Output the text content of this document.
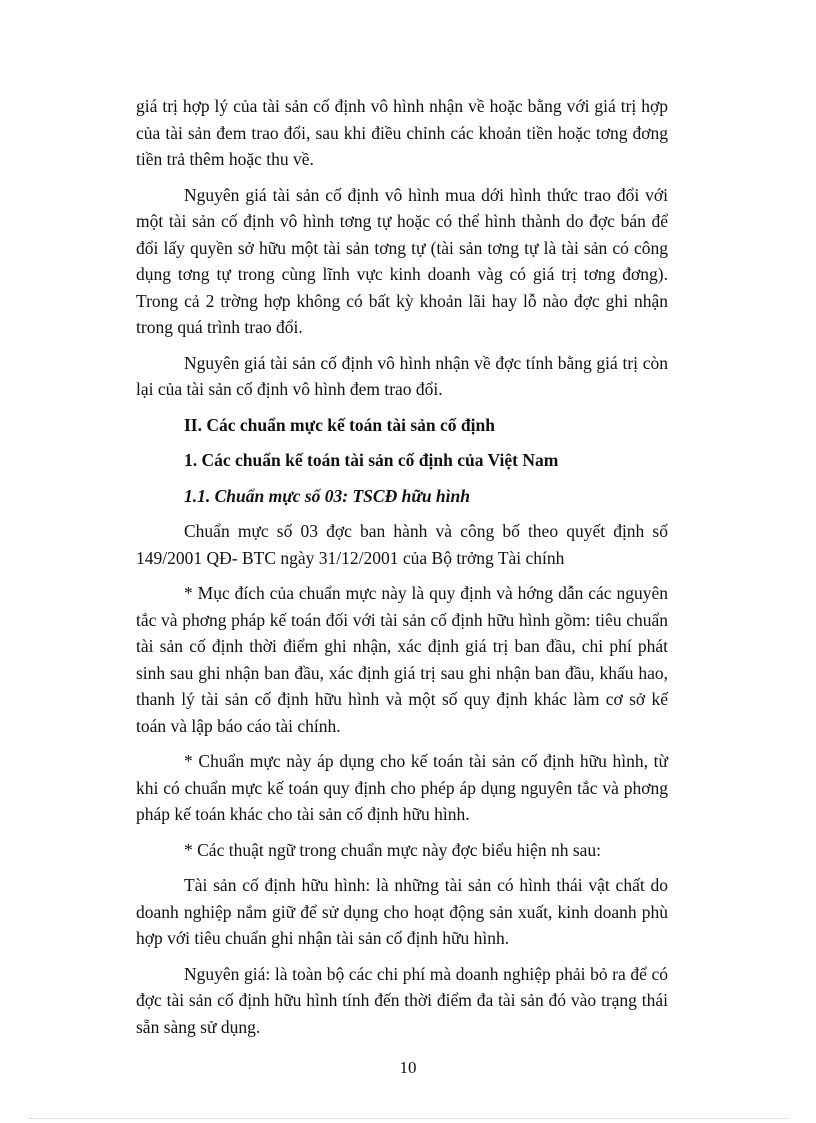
giá trị hợp lý của tài sản cố định vô hình nhận về hoặc bằng với giá trị hợp của tài sản đem trao đổi, sau khi điều chỉnh các khoản tiền hoặc tơng đơng tiền trả thêm hoặc thu về.

Nguyên giá tài sản cố định vô hình mua dới hình thức trao đổi với một tài sản cố định vô hình tơng tự hoặc có thể hình thành do đợc bán để đổi lấy quyền sở hữu một tài sản tơng tự (tài sản tơng tự là tài sản có công dụng tơng tự trong cùng lĩnh vực kinh doanh vàg có giá trị tơng đơng). Trong cả 2 trờng hợp không có bất kỳ khoản lãi hay lỗ nào đợc ghi nhận trong quá trình trao đổi.

Nguyên giá tài sản cố định vô hình nhận về đợc tính bằng giá trị còn lại của tài sản cố định vô hình đem trao đổi.

II. Các chuẩn mực kế toán tài sản cố định
1. Các chuẩn kế toán tài sản cố định của Việt Nam
1.1. Chuẩn mực số 03: TSCĐ hữu hình

Chuẩn mực số 03 đợc ban hành và công bố theo quyết định số 149/2001 QĐ- BTC ngày 31/12/2001 của Bộ trởng Tài chính

* Mục đích của chuẩn mực này là quy định và hớng dẫn các nguyên tắc và phơng pháp kế toán đối với tài sản cố định hữu hình gồm: tiêu chuẩn tài sản cố định thời điểm ghi nhận, xác định giá trị ban đầu, chi phí phát sinh sau ghi nhận ban đầu, xác định giá trị sau ghi nhận ban đầu, khấu hao, thanh lý tài sản cố định hữu hình và một số quy định khác làm cơ sở kế toán và lập báo cáo tài chính.

* Chuẩn mực này áp dụng cho kế toán tài sản cố định hữu hình, từ khi có chuẩn mực kế toán quy định cho phép áp dụng nguyên tắc và phơng pháp kế toán khác cho tài sản cố định hữu hình.

* Các thuật ngữ trong chuẩn mực này đợc biểu hiện nh sau:

Tài sản cố định hữu hình: là những tài sản có hình thái vật chất do doanh nghiệp nắm giữ để sử dụng cho hoạt động sản xuất, kinh doanh phù hợp với tiêu chuẩn ghi nhận tài sản cố định hữu hình.

Nguyên giá: là toàn bộ các chi phí mà doanh nghiệp phải bỏ ra để có đợc tài sản cố định hữu hình tính đến thời điểm đa tài sản đó vào trạng thái sẵn sàng sử dụng.

10
